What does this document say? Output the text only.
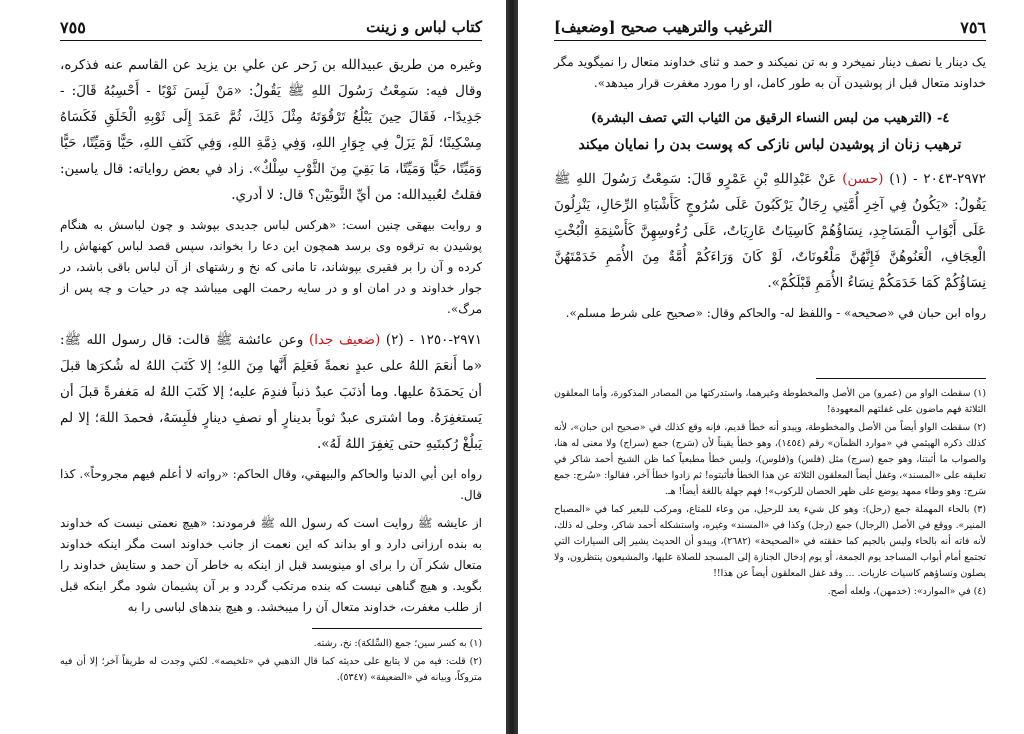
٧٥٥	کتاب لباس و زینت

وغیره من طریق عبیدالله بن زَحر عن علي بن یزید عن القاسم عنه فذکره، وقال فیه: سَمِعْتُ رَسُولَ اللهِ ﷺ یَقُولُ: «مَنْ لَبِسَ ثَوْبًا - أَحْسِبُهُ قَالَ: - جَدِیدًا-، فَقَالَ حِینَ یَبْلُغُ تَرْقُوَتَهُ مِثْلَ ذَلِكَ، ثُمَّ عَمَدَ إِلَی ثَوْبِهِ الْخَلَقِ فَكَسَاهُ مِسْكِینًا؛ لَمْ یَزَلْ فِي جِوَارِ اللهِ، وَفِي ذِمَّةِ اللهِ، وَفِي كَنَفِ اللهِ، حَیًّا وَمَیِّتًا، حَیًّا وَمَیِّتًا، حَیًّا وَمَیِّتًا، مَا بَقِيَ مِنَ الثَّوْبِ سِلْكٌ». زاد في بعض روایاته: قال یاسین: فقلتُ لعُبیدالله: من أيِّ الثَّوبَیْن؟ قال: لا أدري.

و روایت بیهقی چنین است: «هرکس لباس جدیدی بپوشد و چون لباسش به هنگام پوشیدن به ترقوه وی برسد همچون این دعا را بخواند، سپس قصد لباس کهنهاش را کرده و آن را بر فقیری بپوشاند، تا مانی که نخ و رشتهای از آن لباس باقی باشد، در جوار خداوند و در امان او و در سایه رحمت الهی میباشد چه در حیات و چه پس از مرگ».

٢٩٧١-١٢٥٠ - (٢) (ضعیف جدا) وعن عائشة ﷺ قالت: قال رسول الله ﷺ: «ما أَنعَمَ اللهُ علی عبدٍ نعمةً فَعَلِمَ أَنَّها مِنَ اللهِ؛ إلا كَتَبَ اللهُ له شُكرَها قبلَ أن یَحمَدَهُ علیها. وما أذنَبَ عبدٌ ذنباً فندِمَ علیه؛ إلا كَتَبَ اللهُ له مَغفرةً قبلَ أن یَستغفِرَهُ. وما اشتری عبدٌ ثوباً بدینارٍ أو نصفِ دینارٍ فلَبِسَهُ، فحمدَ اللهَ؛ إلا لم یَبلُغْ رُكبتَیهِ حتی یَغفِرَ اللهُ لَهُ».

رواه ابن أبي الدنیا والحاكم والبیهقي، وقال الحاكم: «رواته لا أعلم فیهم مجروحاً». كذا قال.

از عایشه ﷺ روایت است که رسول الله ﷺ فرمودند: «هیچ نعمتی نیست که خداوند به بنده ارزانی دارد و او بداند که این نعمت از جانب خداوند است مگر اینکه خداوند متعال شکر آن را برای او مینویسد قبل از اینکه به خاطر آن حمد و ستایش خداوند را بگوید. و هیچ گناهی نیست که بنده مرتکب گردد و بر آن پشیمان شود مگر اینکه قبل از طلب مغفرت، خداوند متعال آن را میبخشد. و هیچ بندهای لباسی را به

(١) به کسر سین؛ جمع (السِّلکة): نخ، رشته.

(٢) قلت: فیه من لا یتابع علی حدیثه کما قال الذهبي في «تلخیصه». لکني وجدت له طریقاً آخر؛ إلا أن فیه متروكاً، وبیانه في «الضعیفة» (٥٣٤٧).

الترغیب والترهیب صحیح [وضعیف]	٧٥٦

یک دینار یا نصف دینار نمیخرد و به تن نمیکند و حمد و ثنای خداوند متعال را نمیگوید مگر خداوند متعال قبل از پوشیدن آن به طور کامل، او را مورد مغفرت قرار میدهد».

٤- (الترهیب من لبس النساء الرقیق من الثیاب التي تصف البشرة)

ترهیب زنان از پوشیدن لباس نازکی که پوست بدن را نمایان میکند

٢٩٧٢-٢٠٤٣ - (١) (حسن) عَنْ عَبْدِاللهِ بْنِ عَمْرٍو قَالَ: سَمِعْتُ رَسُولَ اللهِ ﷺ یَقُولُ: «یَكُونُ فِي آخِرِ أُمَّتِي رِجَالٌ یَرْكَبُونَ عَلَی سُرُوجٍ كَأَشْبَاهِ الرِّحَالِ، یَنْزِلُونَ عَلَی أَبْوَابِ الْمَسَاجِدِ، نِسَاؤُهُمْ كَاسِیَاتٌ عَارِیَاتٌ، عَلَی رُءُوسِهِنَّ كَأَسْنِمَةِ الْبُخْتِ الْعِجَافِ، الْعَنُوهُنَّ فَإِنَّهُنَّ مَلْعُونَاتٌ، لَوْ كَانَ وَرَاءَكُمْ أُمَّةٌ مِنَ الأُمَمِ خَدَمْتَهُنَّ نِسَاؤُكُمْ كَمَا خَدَمَكُمْ نِسَاءُ الأُمَمِ قَبْلَكُمْ».

رواه ابن حبان في «صحیحه» - واللفظ له- والحاکم وقال: «صحیح علی شرط مسلم».

(١) سقطت الواو من (عمرو) من الأصل والمخطوطة وغیرهما، واستدرکتها من المصادر المذکورة، وأما المعلقون الثلاثة فهم ماضون علی غفلتهم المعهودة!

(٢) سقطت الواو أیضاً من الأصل والمخطوطة، ویبدو أنه خطأ قدیم، فإنه وقع کذلك في «صحیح ابن حبان»، لأنه كذلك ذکره الهیثمي في «موارد الظمآن» رقم (١٤٥٤)، وهو خطأ یقیناً لأن (سَرج) جمع (سراج) ولا معنی له هنا، والصواب ما أثبتنا، وهو جمع (سرج) مثل (فلس) و(فلوس)، ولیس خطأ مطبعیاً کما ظن الشیخ أحمد شاکر في تعلیقه علی «المسند»، وغفل أیضاً المعلقون الثلاثة عن هذا الخطأ فأثبتوه! ثم زادوا خطأ آخر، فقالوا: «سُرج: جمع سَرج: وهو وطاء ممهد یوضع علی ظهر الحصان للركوب»! فهم جهلة باللغة أیضاً! هـ.

(٣) بالحاء المهملة جمع (رحل): وهو کل شيء یعد للرحیل، من وعاء للمتاع، ومرکب للبعیر کما في «المصباح المنیر». ووقع في الأصل (الرجال) جمع (رجل) وکذا في «المسند» وغیره، واستشکله أحمد شاکر، وحلی له ذلك، لأنه فاته أنه بالحاء ولیس بالجیم کما حققته في «الصحیحة» (٢٦٨٢)، ویبدو أن الحدیث یشیر إلی السیارات التي تجتمع أمام أبواب المساجد یوم الجمعة، أو یوم إدخال الجنازة إلی المسجد للصلاة علیها، والمشیعون ینتظرون، ولا یصلون ونساؤهم کاسیات عاریات. ... وقد غفل المعلقون أیضاً عن هذا!!

(٤) في «الموارد»: (خدمهن)، ولعله أصح.
